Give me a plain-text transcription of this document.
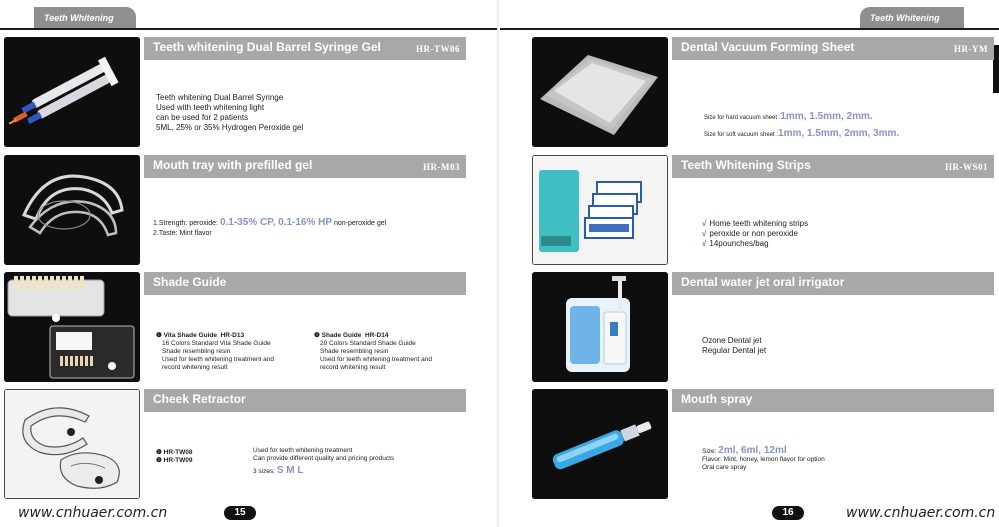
Teeth Whitening
Teeth whitening Dual Barrel Syringe Gel	HR-TW06
Teeth whitening Dual Barrel Syringe
Used with teeth whitening light
can be used for 2 patients
5ML, 25% or 35% Hydrogen Peroxide gel
Mouth tray with prefilled gel	HR-M03
1.Strength: peroxide: 0.1-35% CP, 0.1-16% HP non-peroxide gel
2.Taste: Mint flavor
Shade Guide
❶ Vita Shade Guide HR-D13
16 Colors Standard Vita Shade Guide
Shade resembling resin
Used for teeth whitening treatment and
record whitening result
❷ Shade Guide HR-D14
20 Colors Standard Shade Guide
Shade resembling resin
Used for teeth whitening treatment and
record whitening result
Cheek Retractor
❶ HR-TW08
❷ HR-TW09
Used for teeth whitening treatment
Can provide different quality and pricing products
3 sizes: S M L
www.cnhuaer.com.cn	15
Teeth Whitening
Dental Vacuum Forming Sheet	HR-YM
Size for hard vacuum sheet :1mm, 1.5mm, 2mm.
Size for soft vacuum sheet :1mm, 1.5mm, 2mm, 3mm.
Teeth Whitening Strips	HR-WS01
√ Home teeth whitening strips
√ peroxide or non peroxide
√ 14pounches/bag
Dental water jet oral irrigator
Ozone Dental jet
Regular Dental jet
Mouth spray
Size: 2ml, 6ml, 12ml
Flavor: Mint, honey, lemon flavor for option
Oral care spray
16	www.cnhuaer.com.cn
